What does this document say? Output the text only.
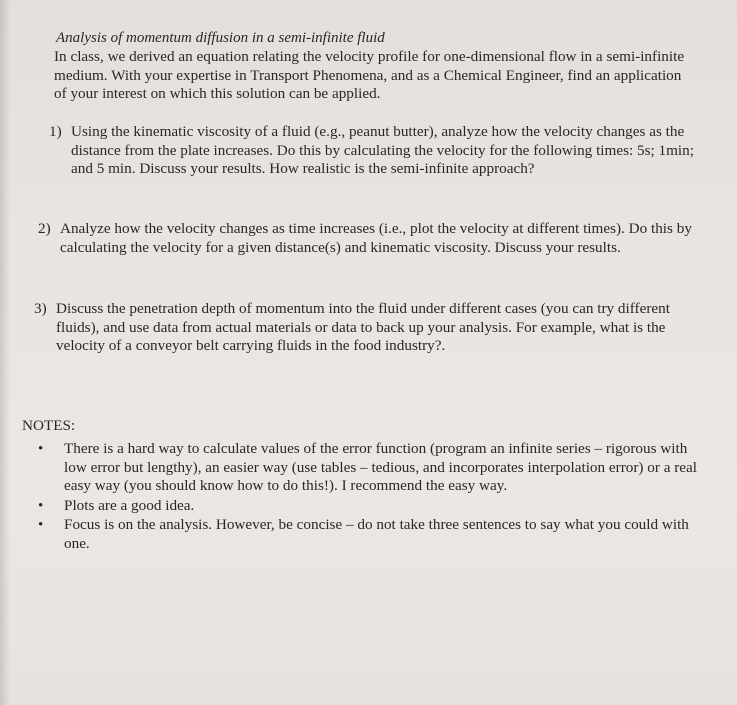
Analysis of momentum diffusion in a semi-infinite fluid
In class, we derived an equation relating the velocity profile for one-dimensional flow in a semi-infinite medium. With your expertise in Transport Phenomena, and as a Chemical Engineer, find an application of your interest on which this solution can be applied.
1) Using the kinematic viscosity of a fluid (e.g., peanut butter), analyze how the velocity changes as the distance from the plate increases. Do this by calculating the velocity for the following times: 5s; 1min; and 5 min. Discuss your results. How realistic is the semi-infinite approach?
2) Analyze how the velocity changes as time increases (i.e., plot the velocity at different times). Do this by calculating the velocity for a given distance(s) and kinematic viscosity. Discuss your results.
3) Discuss the penetration depth of momentum into the fluid under different cases (you can try different fluids), and use data from actual materials or data to back up your analysis. For example, what is the velocity of a conveyor belt carrying fluids in the food industry?.
NOTES:
• There is a hard way to calculate values of the error function (program an infinite series – rigorous with low error but lengthy), an easier way (use tables – tedious, and incorporates interpolation error) or a real easy way (you should know how to do this!). I recommend the easy way.
• Plots are a good idea.
• Focus is on the analysis. However, be concise – do not take three sentences to say what you could with one.
